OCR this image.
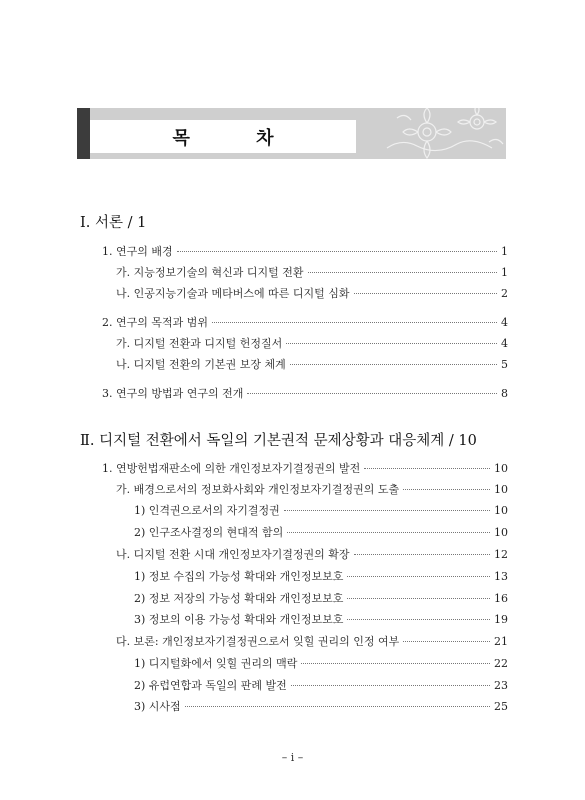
목 차
Ⅰ. 서론 / 1
1. 연구의 배경	1
가. 지능정보기술의 혁신과 디지털 전환	1
나. 인공지능기술과 메타버스에 따른 디지털 심화	2
2. 연구의 목적과 범위	4
가. 디지털 전환과 디지털 헌정질서	4
나. 디지털 전환의 기본권 보장 체계	5
3. 연구의 방법과 연구의 전개	8
Ⅱ. 디지털 전환에서 독일의 기본권적 문제상황과 대응체계 / 10
1. 연방헌법재판소에 의한 개인정보자기결정권의 발전	10
가. 배경으로서의 정보화사회와 개인정보자기결정권의 도출	10
1) 인격권으로서의 자기결정권	10
2) 인구조사결정의 현대적 함의	10
나. 디지털 전환 시대 개인정보자기결정권의 확장	12
1) 정보 수집의 가능성 확대와 개인정보보호	13
2) 정보 저장의 가능성 확대와 개인정보보호	16
3) 정보의 이용 가능성 확대와 개인정보보호	19
다. 보론: 개인정보자기결정권으로서 잊힐 권리의 인정 여부	21
1) 디지털화에서 잊힐 권리의 맥락	22
2) 유럽연합과 독일의 판례 발전	23
3) 시사점	25
– i –
